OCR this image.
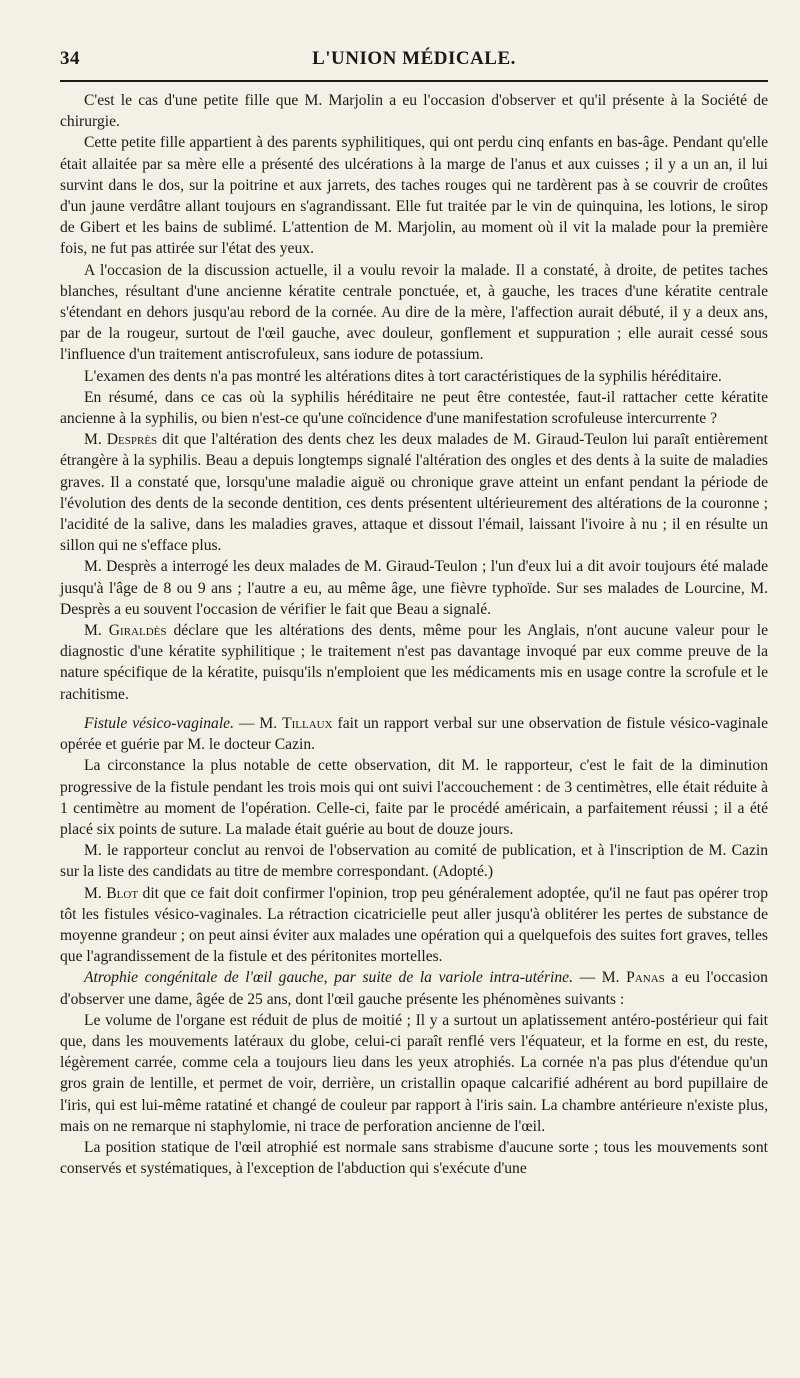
34	L'UNION MÉDICALE.

C'est le cas d'une petite fille que M. Marjolin a eu l'occasion d'observer et qu'il présente à la Société de chirurgie.

Cette petite fille appartient à des parents syphilitiques, qui ont perdu cinq enfants en bas-âge. Pendant qu'elle était allaitée par sa mère elle a présenté des ulcérations à la marge de l'anus et aux cuisses ; il y a un an, il lui survint dans le dos, sur la poitrine et aux jarrets, des taches rouges qui ne tardèrent pas à se couvrir de croûtes d'un jaune verdâtre allant toujours en s'agrandissant. Elle fut traitée par le vin de quinquina, les lotions, le sirop de Gibert et les bains de sublimé. L'attention de M. Marjolin, au moment où il vit la malade pour la première fois, ne fut pas attirée sur l'état des yeux.

A l'occasion de la discussion actuelle, il a voulu revoir la malade. Il a constaté, à droite, de petites taches blanches, résultant d'une ancienne kératite centrale ponctuée, et, à gauche, les traces d'une kératite centrale s'étendant en dehors jusqu'au rebord de la cornée. Au dire de la mère, l'affection aurait débuté, il y a deux ans, par de la rougeur, surtout de l'œil gauche, avec douleur, gonflement et suppuration ; elle aurait cessé sous l'influence d'un traitement antiscrofuleux, sans iodure de potassium.

L'examen des dents n'a pas montré les altérations dites à tort caractéristiques de la syphilis héréditaire.

En résumé, dans ce cas où la syphilis héréditaire ne peut être contestée, faut-il rattacher cette kératite ancienne à la syphilis, ou bien n'est-ce qu'une coïncidence d'une manifestation scrofuleuse intercurrente ?

M. Desprès dit que l'altération des dents chez les deux malades de M. Giraud-Teulon lui paraît entièrement étrangère à la syphilis. Beau a depuis longtemps signalé l'altération des ongles et des dents à la suite de maladies graves. Il a constaté que, lorsqu'une maladie aiguë ou chronique grave atteint un enfant pendant la période de l'évolution des dents de la seconde dentition, ces dents présentent ultérieurement des altérations de la couronne ; l'acidité de la salive, dans les maladies graves, attaque et dissout l'émail, laissant l'ivoire à nu ; il en résulte un sillon qui ne s'efface plus.

M. Desprès a interrogé les deux malades de M. Giraud-Teulon ; l'un d'eux lui a dit avoir toujours été malade jusqu'à l'âge de 8 ou 9 ans ; l'autre a eu, au même âge, une fièvre typhoïde. Sur ses malades de Lourcine, M. Desprès a eu souvent l'occasion de vérifier le fait que Beau a signalé.

M. Giraldès déclare que les altérations des dents, même pour les Anglais, n'ont aucune valeur pour le diagnostic d'une kératite syphilitique ; le traitement n'est pas davantage invoqué par eux comme preuve de la nature spécifique de la kératite, puisqu'ils n'emploient que les médicaments mis en usage contre la scrofule et le rachitisme.

Fistule vésico-vaginale. — M. Tillaux fait un rapport verbal sur une observation de fistule vésico-vaginale opérée et guérie par M. le docteur Cazin.

La circonstance la plus notable de cette observation, dit M. le rapporteur, c'est le fait de la diminution progressive de la fistule pendant les trois mois qui ont suivi l'accouchement : de 3 centimètres, elle était réduite à 1 centimètre au moment de l'opération. Celle-ci, faite par le procédé américain, a parfaitement réussi ; il a été placé six points de suture. La malade était guérie au bout de douze jours.

M. le rapporteur conclut au renvoi de l'observation au comité de publication, et à l'inscription de M. Cazin sur la liste des candidats au titre de membre correspondant. (Adopté.)

M. Blot dit que ce fait doit confirmer l'opinion, trop peu généralement adoptée, qu'il ne faut pas opérer trop tôt les fistules vésico-vaginales. La rétraction cicatricielle peut aller jusqu'à oblitérer les pertes de substance de moyenne grandeur ; on peut ainsi éviter aux malades une opération qui a quelquefois des suites fort graves, telles que l'agrandissement de la fistule et des péritonites mortelles.

Atrophie congénitale de l'œil gauche, par suite de la variole intra-utérine. — M. Panas a eu l'occasion d'observer une dame, âgée de 25 ans, dont l'œil gauche présente les phénomènes suivants :

Le volume de l'organe est réduit de plus de moitié ; Il y a surtout un aplatissement antéro-postérieur qui fait que, dans les mouvements latéraux du globe, celui-ci paraît renflé vers l'équateur, et la forme en est, du reste, légèrement carrée, comme cela a toujours lieu dans les yeux atrophiés. La cornée n'a pas plus d'étendue qu'un gros grain de lentille, et permet de voir, derrière, un cristallin opaque calcarifié adhérent au bord pupillaire de l'iris, qui est lui-même ratatiné et changé de couleur par rapport à l'iris sain. La chambre antérieure n'existe plus, mais on ne remarque ni staphylomie, ni trace de perforation ancienne de l'œil.

La position statique de l'œil atrophié est normale sans strabisme d'aucune sorte ; tous les mouvements sont conservés et systématiques, à l'exception de l'abduction qui s'exécute d'une
